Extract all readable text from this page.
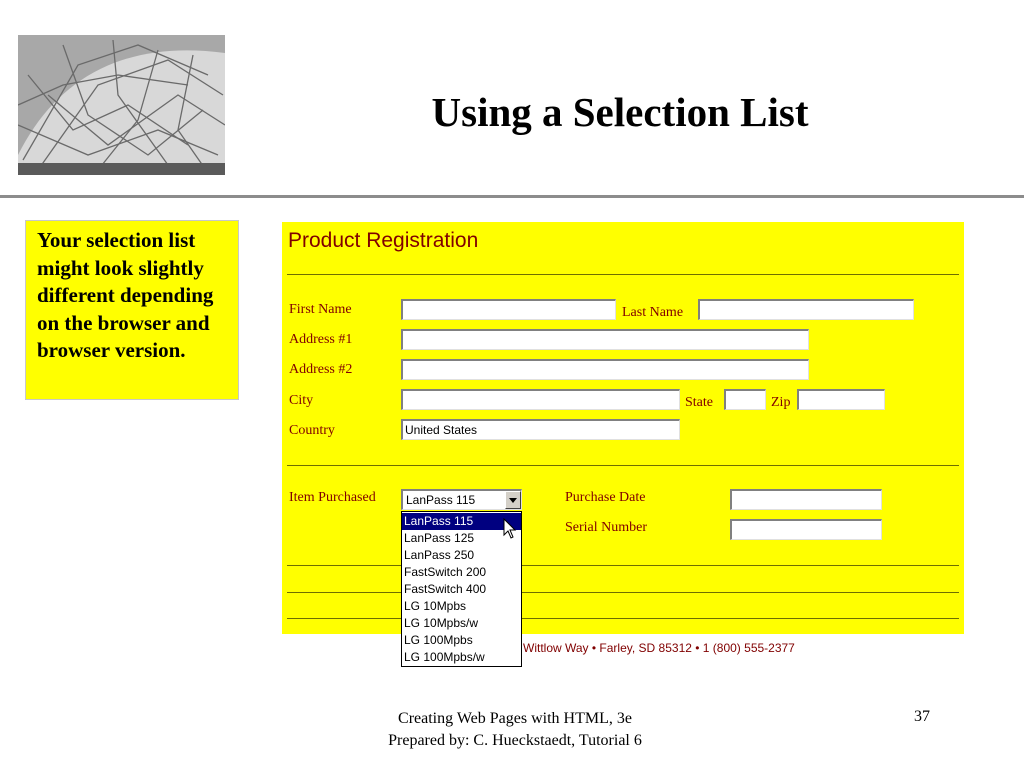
Using a Selection List
Your selection list might look slightly different depending on the browser and browser version.
Product Registration
First Name	Last Name
Address #1
Address #2
City	State	Zip
Country	United States
Item Purchased	LanPass 115	Purchase Date
Serial Number
Wittlow Way • Farley, SD 85312 • 1 (800) 555-2377
LanPass 115
LanPass 125
LanPass 250
FastSwitch 200
FastSwitch 400
LG 10Mpbs
LG 10Mpbs/w
LG 100Mpbs
LG 100Mpbs/w
Creating Web Pages with HTML, 3e
Prepared by: C. Hueckstaedt, Tutorial 6
37
